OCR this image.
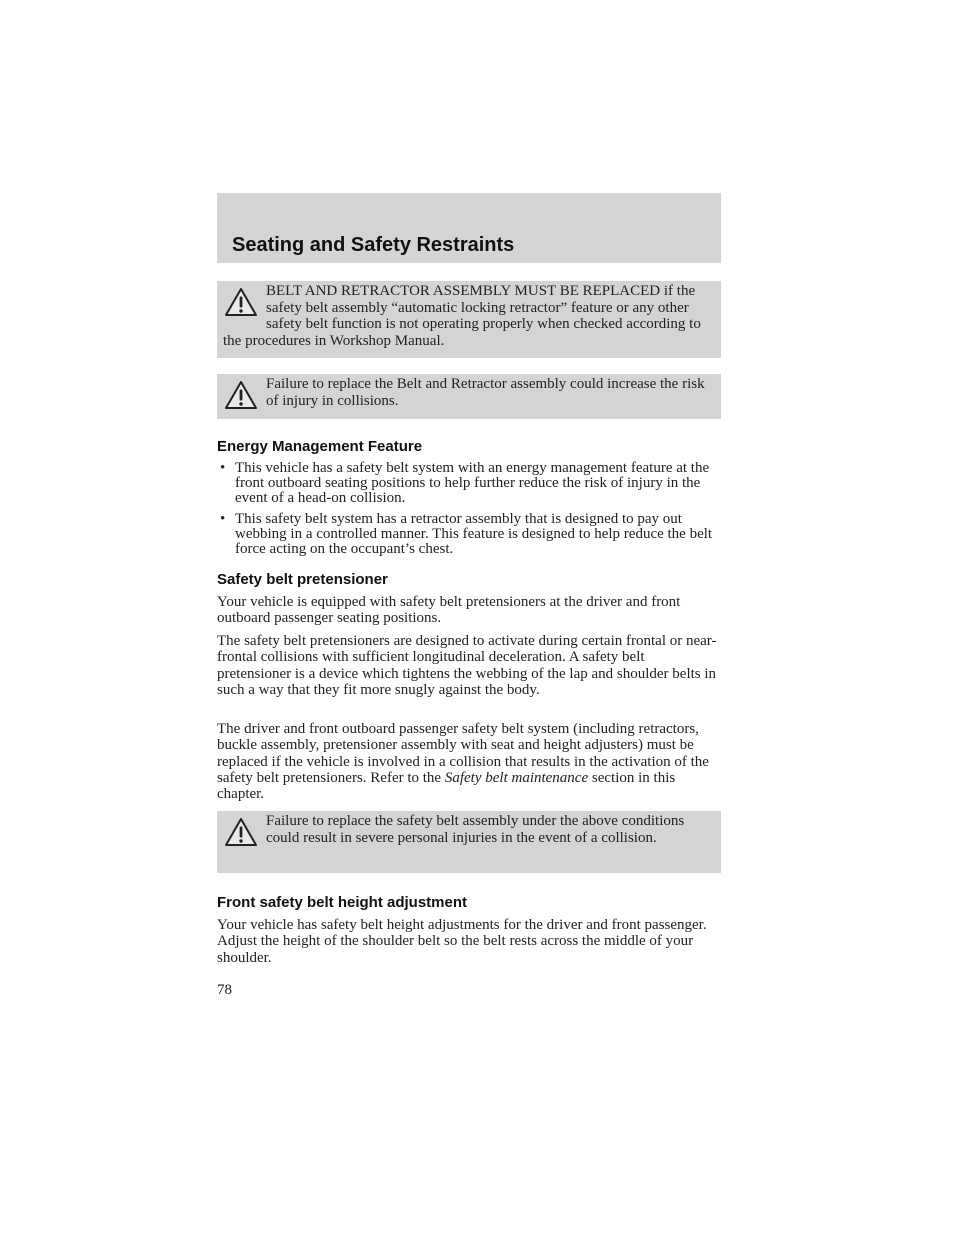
Seating and Safety Restraints

BELT AND RETRACTOR ASSEMBLY MUST BE REPLACED if the safety belt assembly “automatic locking retractor” feature or any other safety belt function is not operating properly when checked according to the procedures in Workshop Manual.

Failure to replace the Belt and Retractor assembly could increase the risk of injury in collisions.

Energy Management Feature
• This vehicle has a safety belt system with an energy management feature at the front outboard seating positions to help further reduce the risk of injury in the event of a head-on collision.
• This safety belt system has a retractor assembly that is designed to pay out webbing in a controlled manner. This feature is designed to help reduce the belt force acting on the occupant’s chest.
Safety belt pretensioner

Your vehicle is equipped with safety belt pretensioners at the driver and front outboard passenger seating positions.

The safety belt pretensioners are designed to activate during certain frontal or near-frontal collisions with sufficient longitudinal deceleration. A safety belt pretensioner is a device which tightens the webbing of the lap and shoulder belts in such a way that they fit more snugly against the body.

The driver and front outboard passenger safety belt system (including retractors, buckle assembly, pretensioner assembly with seat and height adjusters) must be replaced if the vehicle is involved in a collision that results in the activation of the safety belt pretensioners. Refer to the Safety belt maintenance section in this chapter.

Failure to replace the safety belt assembly under the above conditions could result in severe personal injuries in the event of a collision.

Front safety belt height adjustment

Your vehicle has safety belt height adjustments for the driver and front passenger. Adjust the height of the shoulder belt so the belt rests across the middle of your shoulder.

78
